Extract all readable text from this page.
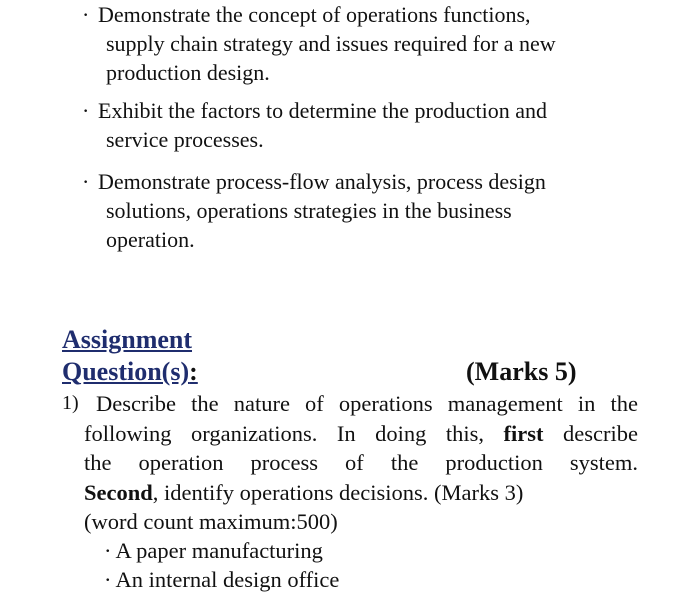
· Demonstrate the concept of operations functions,
supply chain strategy and issues required for a new
production design.
· Exhibit the factors to determine the production and
service processes.
· Demonstrate process-flow analysis, process design
solutions, operations strategies in the business
operation.
Assignment
Question(s):	(Marks 5)
1) Describe the nature of operations management in the
following organizations. In doing this, first describe
the operation process of the production system.
Second, identify operations decisions. (Marks 3)
(word count maximum:500)
· A paper manufacturing
· An internal design office
